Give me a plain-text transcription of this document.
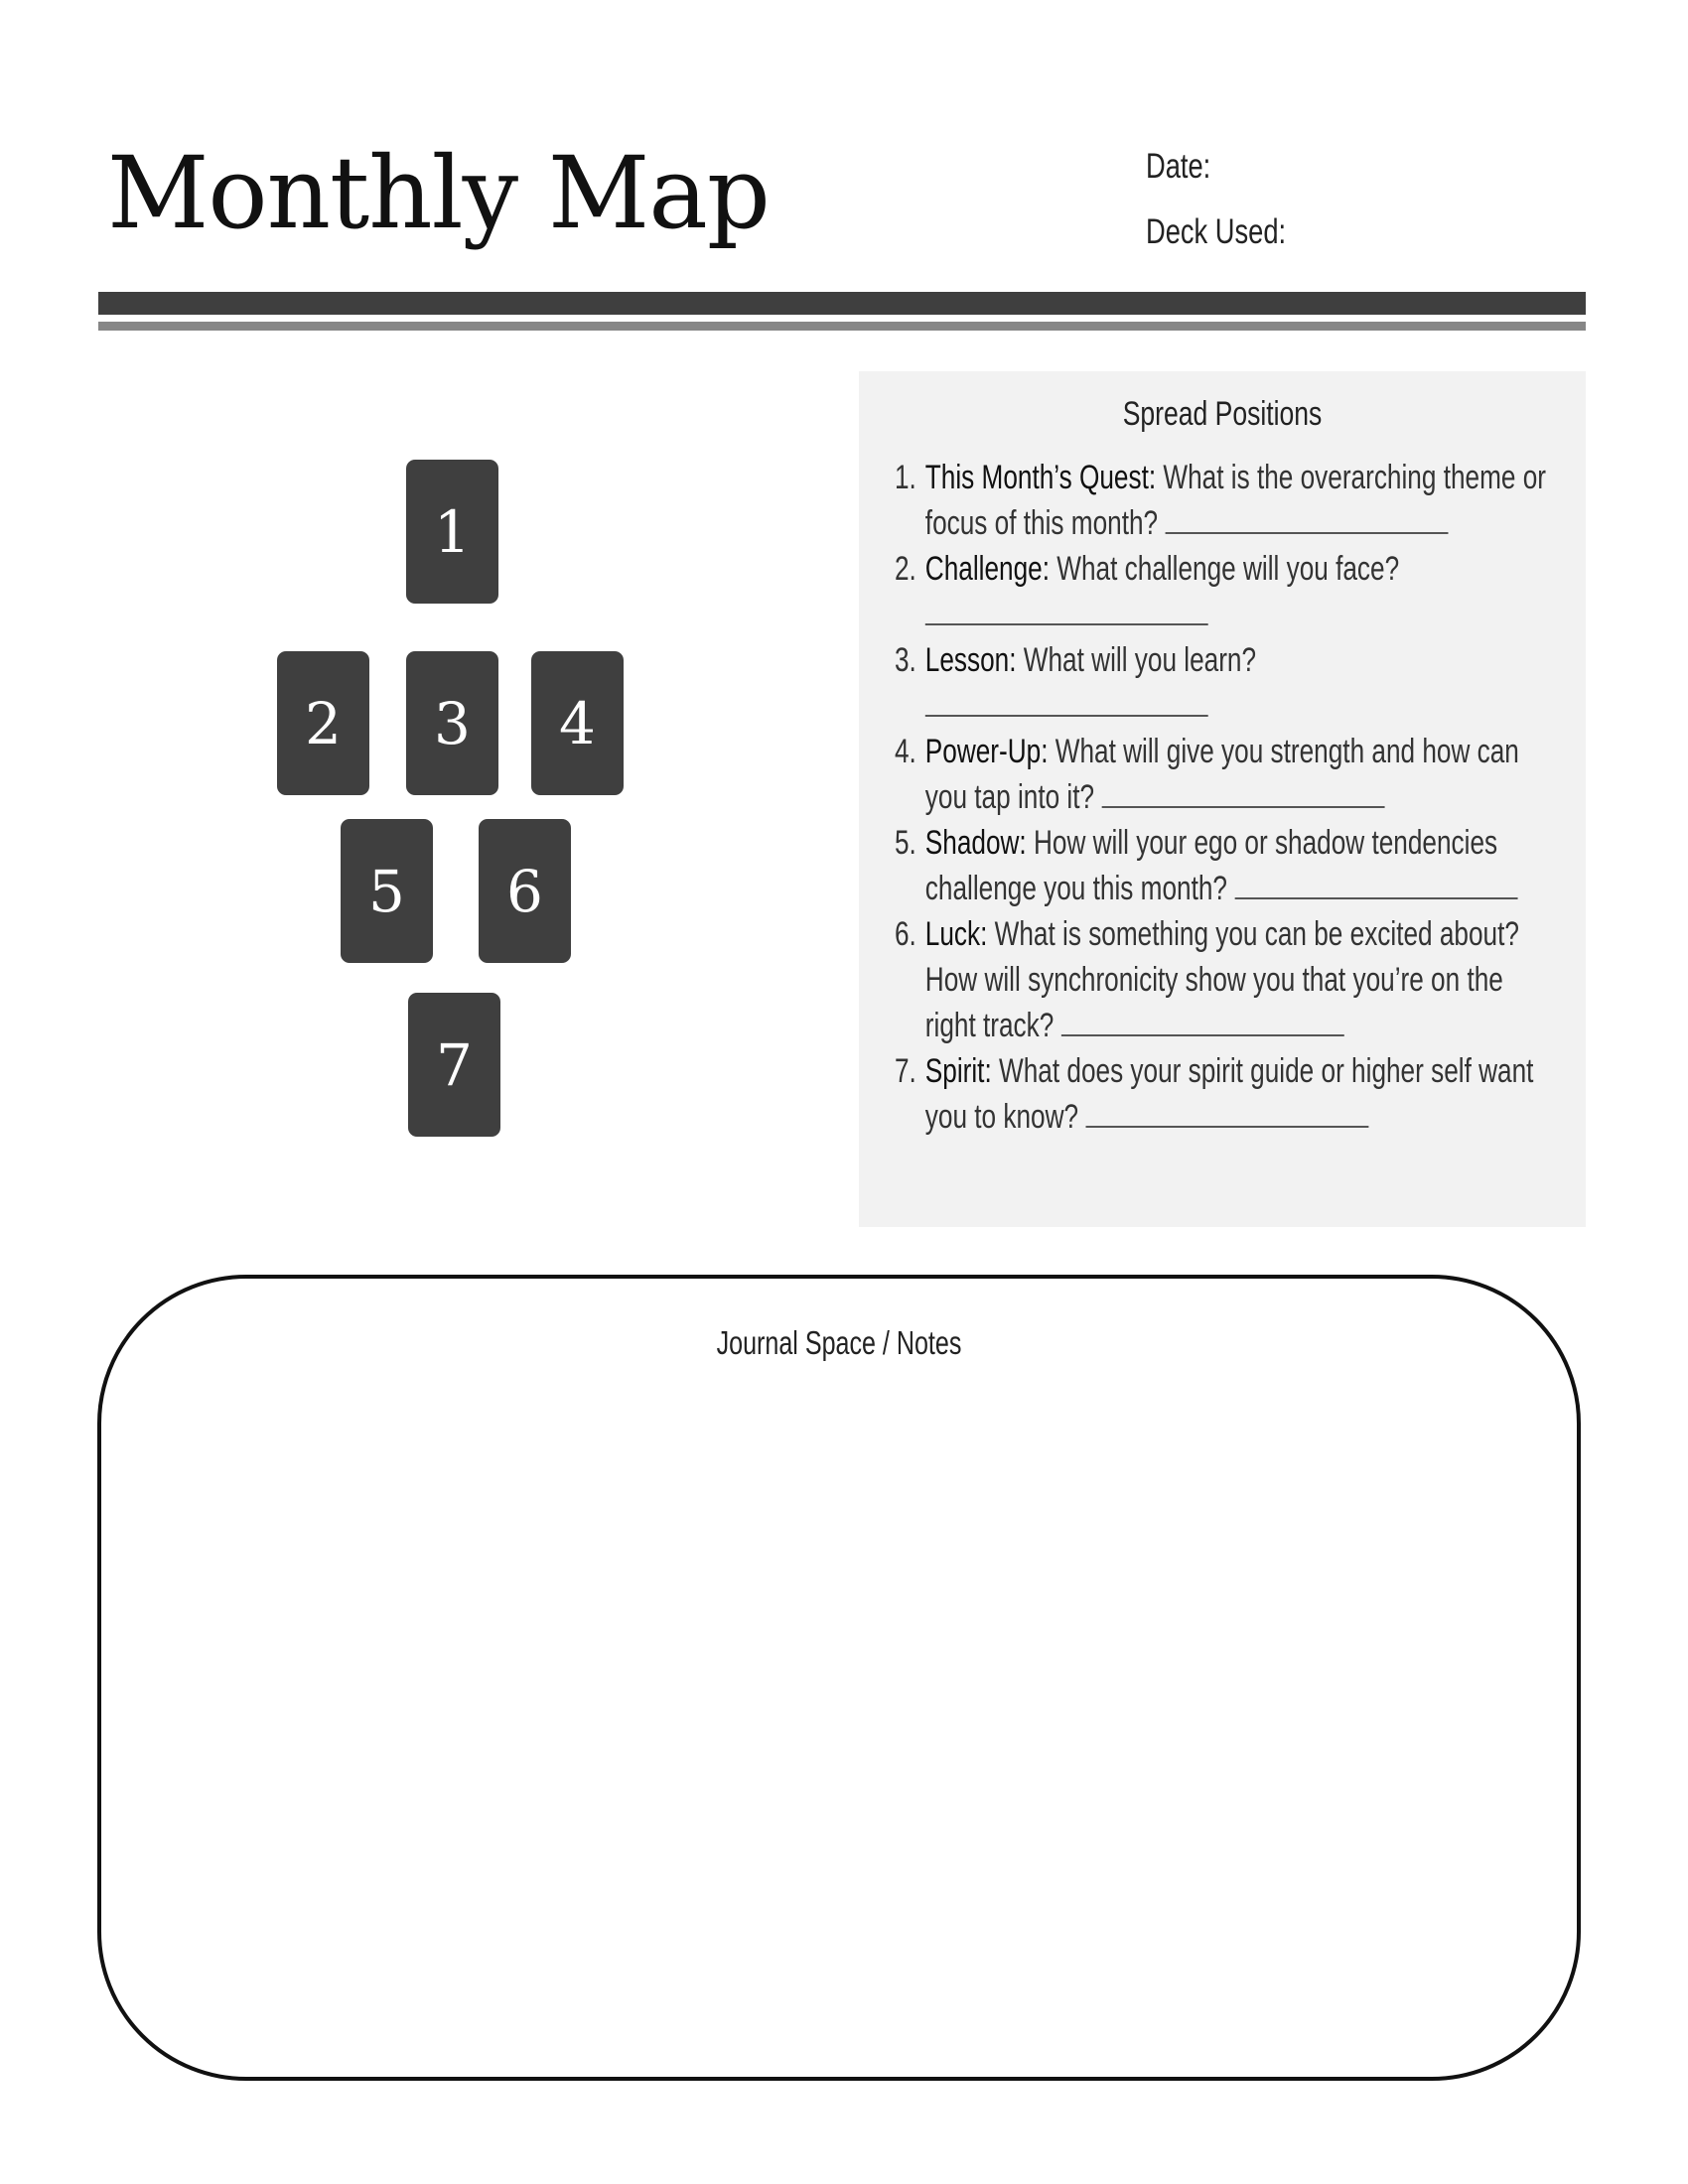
Monthly Map	Date:
Deck Used:
1
2	3	4
5	6
7
Spread Positions
1. This Month’s Quest: What is the overarching theme or focus of this month?
2. Challenge: What challenge will you face?

3. Lesson: What will you learn?

4. Power-Up: What will give you strength and how can you tap into it?
5. Shadow: How will your ego or shadow tendencies challenge you this month?
6. Luck: What is something you can be excited about? How will synchronicity show you that you’re on the right track?
7. Spirit: What does your spirit guide or higher self want you to know?
Journal Space / Notes
